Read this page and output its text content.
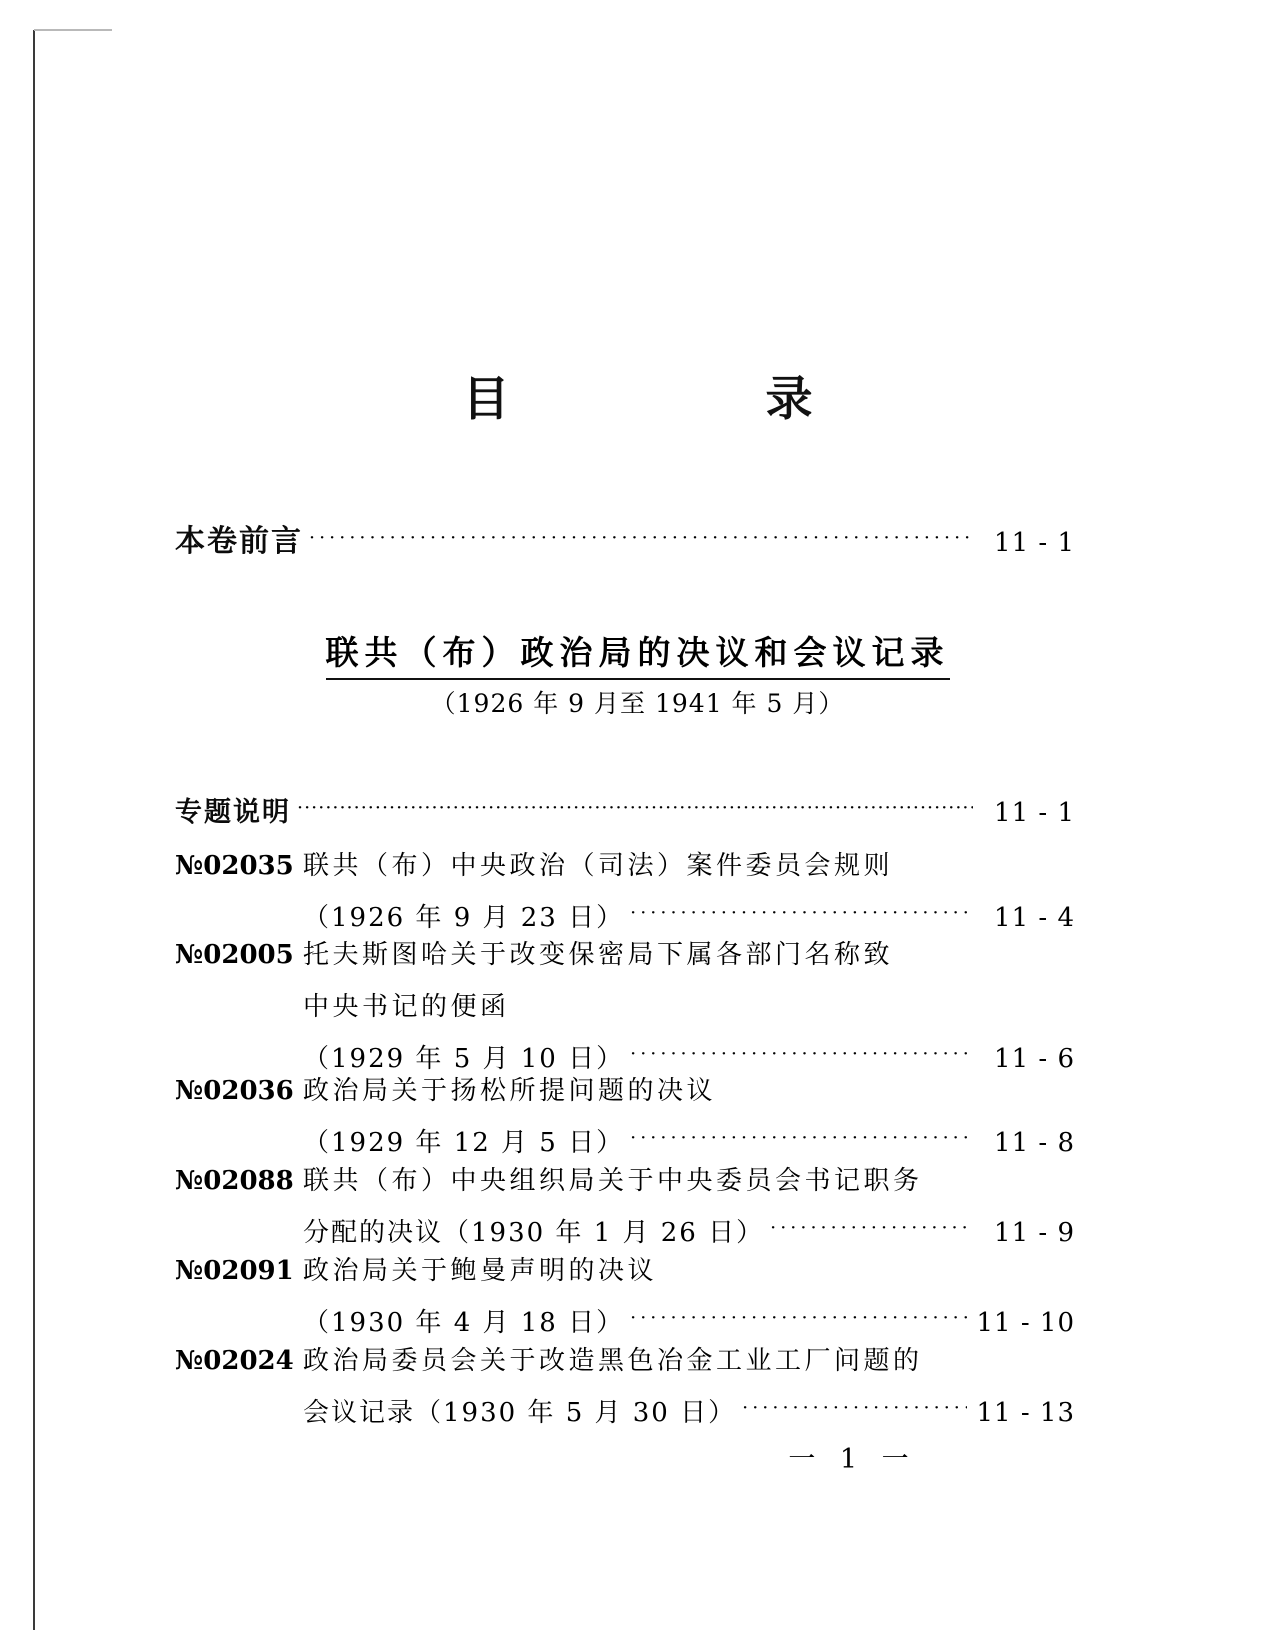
目　　录
本卷前言 · · ·	11 - 1
联共（布）政治局的决议和会议记录
（1926 年 9 月至 1941 年 5 月）
专题说明 · · ·	11 - 1
№02035 联共（布）中央政治（司法）案件委员会规则
（1926 年 9 月 23 日） · · ·	11 - 4
№02005 托夫斯图哈关于改变保密局下属各部门名称致
中央书记的便函
（1929 年 5 月 10 日） · · ·	11 - 6
№02036 政治局关于扬松所提问题的决议
（1929 年 12 月 5 日） · · ·	11 - 8
№02088 联共（布）中央组织局关于中央委员会书记职务
分配的决议（1930 年 1 月 26 日） · · ·	11 - 9
№02091 政治局关于鲍曼声明的决议
（1930 年 4 月 18 日） · · ·	11 - 10
№02024 政治局委员会关于改造黑色冶金工业工厂问题的
会议记录（1930 年 5 月 30 日） · · ·	11 - 13
一 1 一
